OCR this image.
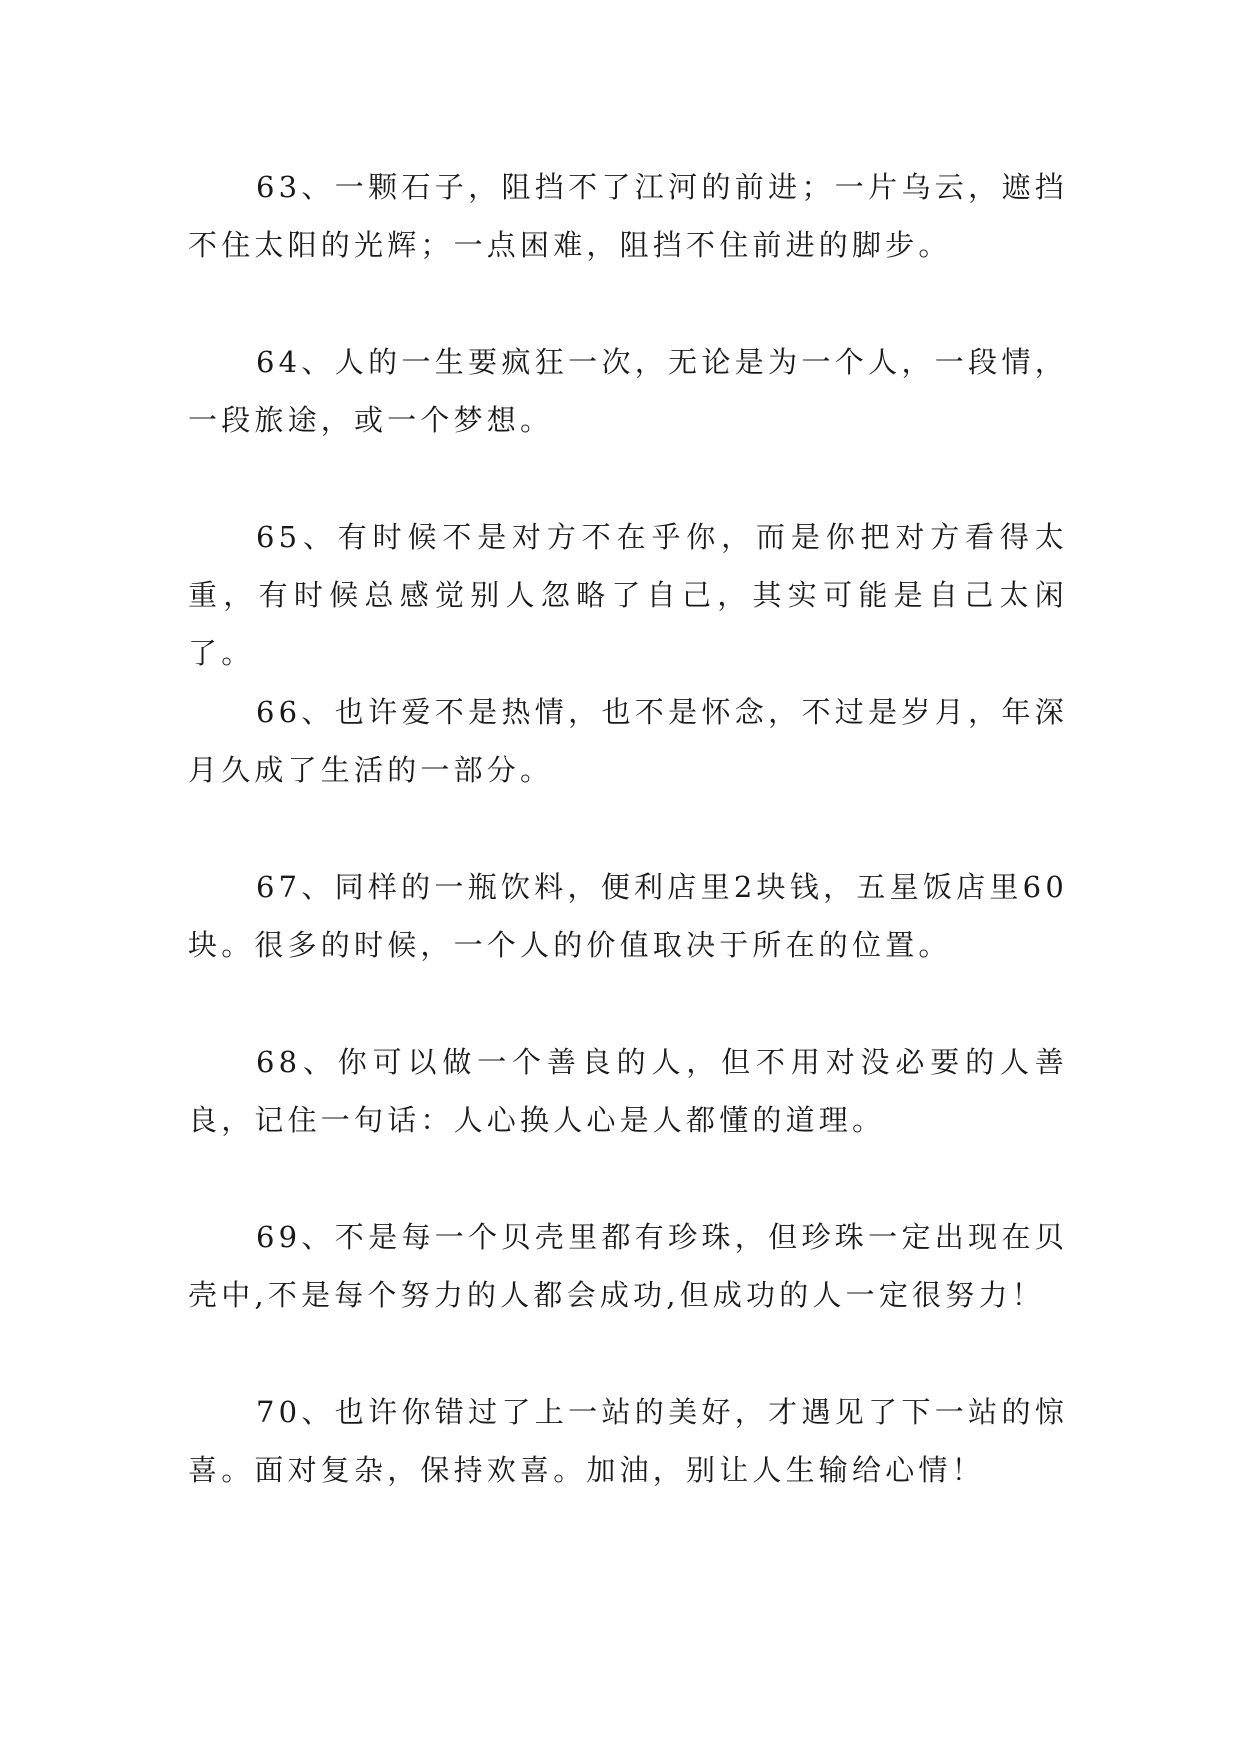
63、一颗石子，阻挡不了江河的前进；一片乌云，遮挡不住太阳的光辉；一点困难，阻挡不住前进的脚步。

64、人的一生要疯狂一次，无论是为一个人，一段情，一段旅途，或一个梦想。

65、有时候不是对方不在乎你，而是你把对方看得太重，有时候总感觉别人忽略了自己，其实可能是自己太闲了。

66、也许爱不是热情，也不是怀念，不过是岁月，年深月久成了生活的一部分。

67、同样的一瓶饮料，便利店里2块钱，五星饭店里60块。很多的时候，一个人的价值取决于所在的位置。

68、你可以做一个善良的人，但不用对没必要的人善良，记住一句话：人心换人心是人都懂的道理。

69、不是每一个贝壳里都有珍珠，但珍珠一定出现在贝壳中,不是每个努力的人都会成功,但成功的人一定很努力！

70、也许你错过了上一站的美好，才遇见了下一站的惊喜。面对复杂，保持欢喜。加油，别让人生输给心情！
